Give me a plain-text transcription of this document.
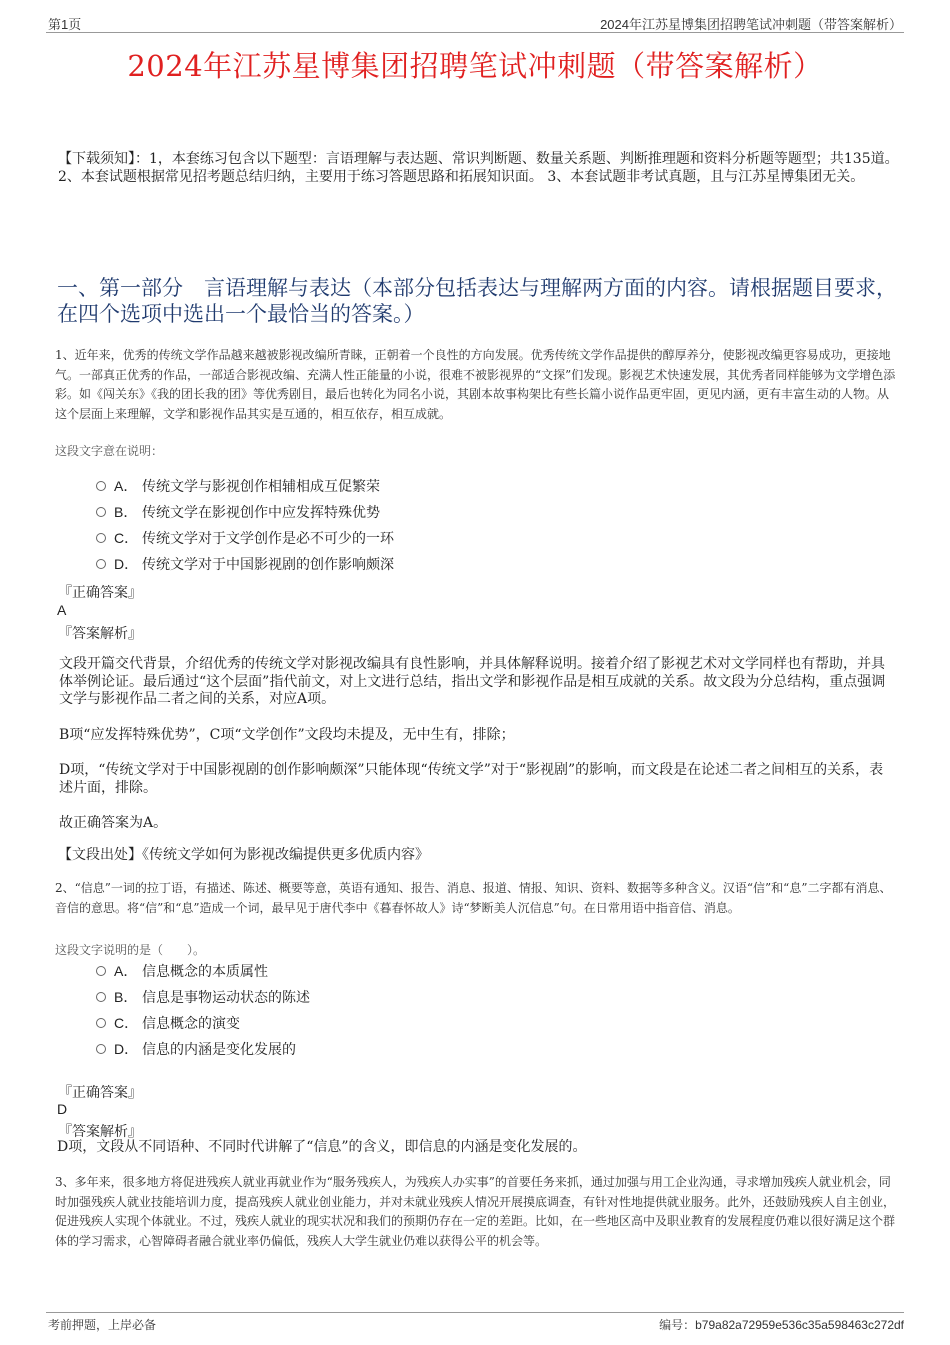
第1页	2024年江苏星博集团招聘笔试冲刺题（带答案解析）
2024年江苏星博集团招聘笔试冲刺题（带答案解析）
【下载须知】：1，本套练习包含以下题型：言语理解与表达题、常识判断题、数量关系题、判断推理题和资料分析题等题型；共135道。 2、本套试题根据常见招考题总结归纳，主要用于练习答题思路和拓展知识面。 3、本套试题非考试真题，且与江苏星博集团无关。
一、第一部分　言语理解与表达（本部分包括表达与理解两方面的内容。请根据题目要求，在四个选项中选出一个最恰当的答案。）
1、近年来，优秀的传统文学作品越来越被影视改编所青睐，正朝着一个良性的方向发展。优秀传统文学作品提供的醇厚养分，使影视改编更容易成功，更接地气。一部真正优秀的作品，一部适合影视改编、充满人性正能量的小说，很难不被影视界的“文探”们发现。影视艺术快速发展，其优秀者同样能够为文学增色添彩。如《闯关东》《我的团长我的团》等优秀剧目，最后也转化为同名小说，其剧本故事构架比有些长篇小说作品更牢固，更见内涵，更有丰富生动的人物。从这个层面上来理解，文学和影视作品其实是互通的，相互依存，相互成就。
这段文字意在说明：
A． 传统文学与影视创作相辅相成互促繁荣
B． 传统文学在影视创作中应发挥特殊优势
C． 传统文学对于文学创作是必不可少的一环
D． 传统文学对于中国影视剧的创作影响颇深
『正确答案』
A
『答案解析』
文段开篇交代背景，介绍优秀的传统文学对影视改编具有良性影响，并具体解释说明。接着介绍了影视艺术对文学同样也有帮助，并具体举例论证。最后通过“这个层面”指代前文，对上文进行总结，指出文学和影视作品是相互成就的关系。故文段为分总结构，重点强调文学与影视作品二者之间的关系，对应A项。
B项“应发挥特殊优势”，C项“文学创作”文段均未提及，无中生有，排除；
D项，“传统文学对于中国影视剧的创作影响颇深”只能体现“传统文学”对于“影视剧”的影响，而文段是在论述二者之间相互的关系，表述片面，排除。
故正确答案为A。
【文段出处】《传统文学如何为影视改编提供更多优质内容》
2、“信息”一词的拉丁语，有描述、陈述、概要等意，英语有通知、报告、消息、报道、情报、知识、资料、数据等多种含义。汉语“信”和“息”二字都有消息、音信的意思。将“信”和“息”造成一个词，最早见于唐代李中《暮春怀故人》诗“梦断美人沉信息”句。在日常用语中指音信、消息。
这段文字说明的是（　　）。
A． 信息概念的本质属性
B． 信息是事物运动状态的陈述
C． 信息概念的演变
D． 信息的内涵是变化发展的
『正确答案』
D
『答案解析』
D项，文段从不同语种、不同时代讲解了“信息”的含义，即信息的内涵是变化发展的。
3、多年来，很多地方将促进残疾人就业再就业作为“服务残疾人，为残疾人办实事”的首要任务来抓，通过加强与用工企业沟通，寻求增加残疾人就业机会，同时加强残疾人就业技能培训力度，提高残疾人就业创业能力，并对未就业残疾人情况开展摸底调查，有针对性地提供就业服务。此外，还鼓励残疾人自主创业，促进残疾人实现个体就业。不过，残疾人就业的现实状况和我们的预期仍存在一定的差距。比如，在一些地区高中及职业教育的发展程度仍难以很好满足这个群体的学习需求，心智障碍者融合就业率仍偏低，残疾人大学生就业仍难以获得公平的机会等。
考前押题，上岸必备	编号：b79a82a72959e536c35a598463c272df
